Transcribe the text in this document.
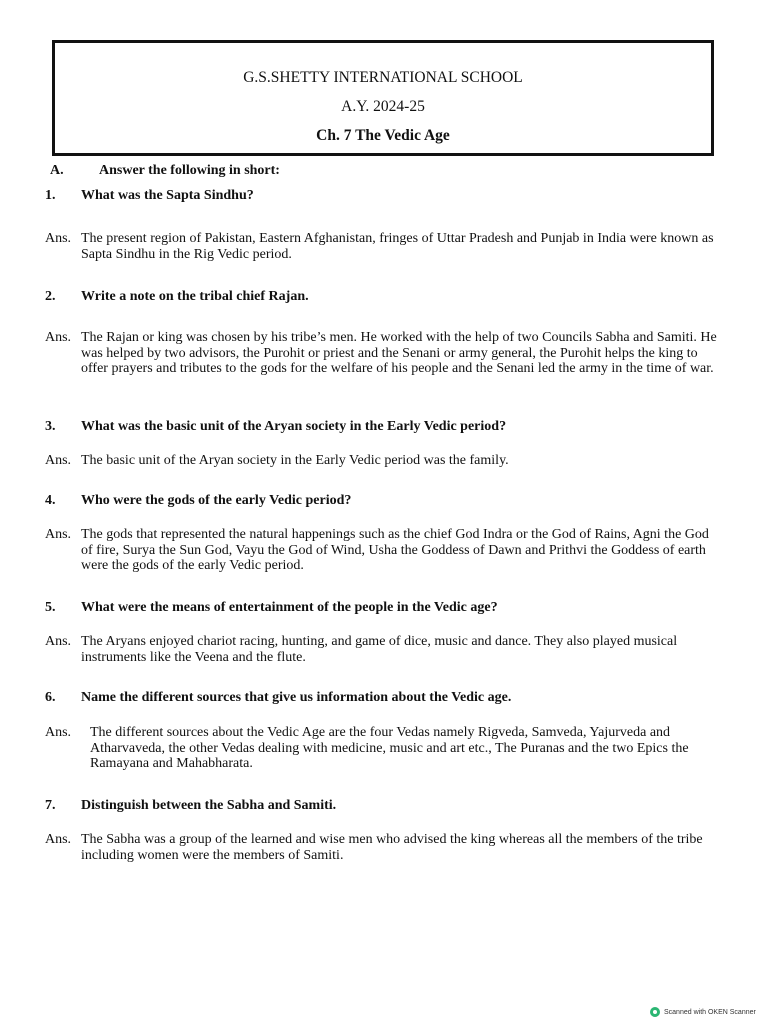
G.S.SHETTY INTERNATIONAL SCHOOL
A.Y. 2024-25
Ch. 7 The Vedic Age
A.	Answer the following in short:
1. What was the Sapta Sindhu?
Ans. The present region of Pakistan, Eastern Afghanistan, fringes of Uttar Pradesh and Punjab in India were known as Sapta Sindhu in the Rig Vedic period.
2. Write a note on the tribal chief Rajan.
Ans. The Rajan or king was chosen by his tribe’s men. He worked with the help of two Councils Sabha and Samiti. He was helped by two advisors, the Purohit or priest and the Senani or army general, the Purohit helps the king to offer prayers and tributes to the gods for the welfare of his people and the Senani led the army in the time of war.
3. What was the basic unit of the Aryan society in the Early Vedic period?
Ans. The basic unit of the Aryan society in the Early Vedic period was the family.
4. Who were the gods of the early Vedic period?
Ans. The gods that represented the natural happenings such as the chief God Indra or the God of Rains, Agni the God of fire, Surya the Sun God, Vayu the God of Wind, Usha the Goddess of Dawn and Prithvi the Goddess of earth were the gods of the early Vedic period.
5. What were the means of entertainment of the people in the Vedic age?
Ans. The Aryans enjoyed chariot racing, hunting, and game of dice, music and dance. They also played musical instruments like the Veena and the flute.
6. Name the different sources that give us information about the Vedic age.
Ans. The different sources about the Vedic Age are the four Vedas namely Rigveda, Samveda, Yajurveda and Atharvaveda, the other Vedas dealing with medicine, music and art etc., The Puranas and the two Epics the Ramayana and Mahabharata.
7. Distinguish between the Sabha and Samiti.
Ans. The Sabha was a group of the learned and wise men who advised the king whereas all the members of the tribe including women were the members of Samiti.
Scanned with OKEN Scanner
